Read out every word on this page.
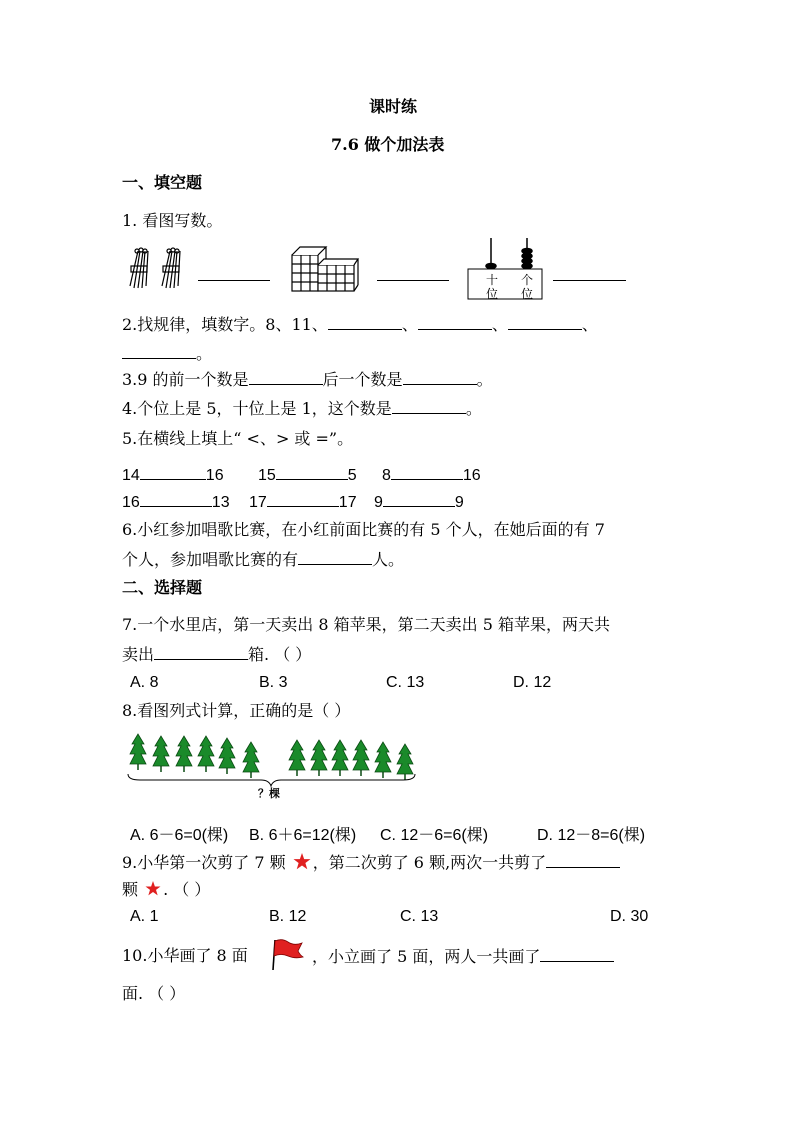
课时练
7.6 做个加法表
一、填空题
1. 看图写数。
十
位
个
位
2.找规律，填数字。8、11、	、	、	、
。
3.9 的前一个数是	后一个数是	。
4.个位上是 5，十位上是 1，这个数是	。
5.在横线上填上“ <、> 或 =”。
14	16 15	5 8	16
16	13 17	17 9	9
6.小红参加唱歌比赛，在小红前面比赛的有 5 个人，在她后面的有 7
个人，参加唱歌比赛的有	人。
二、选择题
7.一个水里店，第一天卖出 8 箱苹果，第二天卖出 5 箱苹果，两天共
卖出	箱. （ ）
A. 8	B. 3	C. 13	D. 12
8.看图列式计算，正确的是（ ）
？棵
A. 6－6=0(棵) B. 6＋6=12(棵) C. 12－6=6(棵)	D. 12－8=6(棵)
9.小华第一次剪了 7 颗 ，第二次剪了 6 颗,两次一共剪了
颗 . （ ）
A. 1	B. 12	C. 13	D. 30
10.小华画了 8 面	，小立画了 5 面，两人一共画了
面. （ ）
